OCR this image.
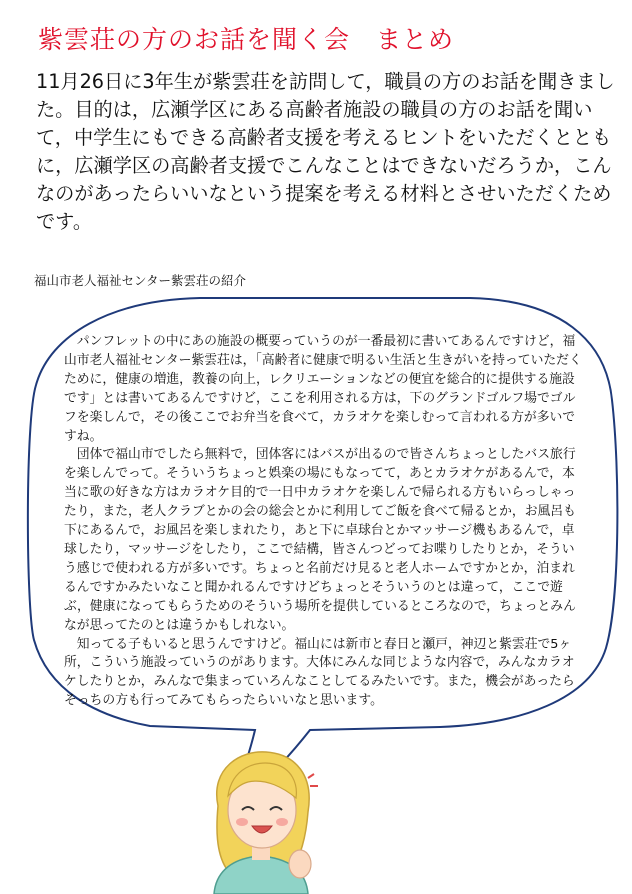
紫雲荘の方のお話を聞く会　まとめ

11月26日に3年生が紫雲荘を訪問して，職員の方のお話を聞きました。目的は，広瀬学区にある高齢者施設の職員の方のお話を聞いて，中学生にもできる高齢者支援を考えるヒントをいただくとともに，広瀬学区の高齢者支援でこんなことはできないだろうか，こんなのがあったらいいなという提案を考える材料とさせいただくためです。

福山市老人福祉センター紫雲荘の紹介

パンフレットの中にあの施設の概要っていうのが一番最初に書いてあるんですけど，福山市老人福祉センター紫雲荘は，「高齢者に健康で明るい生活と生きがいを持っていただくために，健康の増進，教養の向上，レクリエーションなどの便宜を総合的に提供する施設です」とは書いてあるんですけど，ここを利用される方は，下のグランドゴルフ場でゴルフを楽しんで，その後ここでお弁当を食べて，カラオケを楽しむって言われる方が多いですね。

団体で福山市でしたら無料で，団体客にはバスが出るので皆さんちょっとしたバス旅行を楽しんでって。そういうちょっと娯楽の場にもなってて，あとカラオケがあるんで，本当に歌の好きな方はカラオケ目的で一日中カラオケを楽しんで帰られる方もいらっしゃったり，また，老人クラブとかの会の総会とかに利用してご飯を食べて帰るとか，お風呂も下にあるんで，お風呂を楽しまれたり，あと下に卓球台とかマッサージ機もあるんで，卓球したり，マッサージをしたり，ここで結構，皆さんつどってお喋りしたりとか，そういう感じで使われる方が多いです。ちょっと名前だけ見ると老人ホームですかとか，泊まれるんですかみたいなこと聞かれるんですけどちょっとそういうのとは違って，ここで遊ぶ，健康になってもらうためのそういう場所を提供しているところなので，ちょっとみんなが思ってたのとは違うかもしれない。

知ってる子もいると思うんですけど。福山には新市と春日と瀬戸，神辺と紫雲荘で5ヶ所，こういう施設っていうのがあります。大体にみんな同じような内容で，みんなカラオケしたりとか，みんなで集まっていろんなことしてるみたいです。また，機会があったらそっちの方も行ってみてもらったらいいなと思います。
